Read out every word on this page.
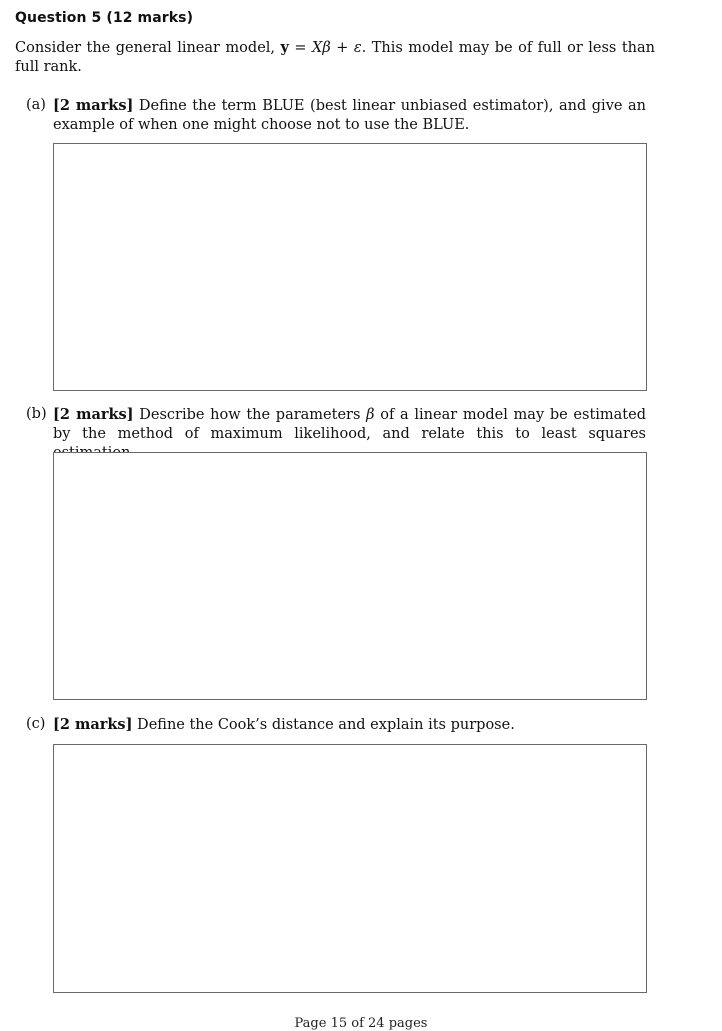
Question 5 (12 marks)
Consider the general linear model, y = Xβ + ε. This model may be of full or less than full rank.
(a) [2 marks] Define the term BLUE (best linear unbiased estimator), and give an example of when one might choose not to use the BLUE.
(b) [2 marks] Describe how the parameters β of a linear model may be estimated by the method of maximum likelihood, and relate this to least squares
(c) [2 marks] Define the Cook’s distance and explain its purpose.
Page 15 of 24 pages
